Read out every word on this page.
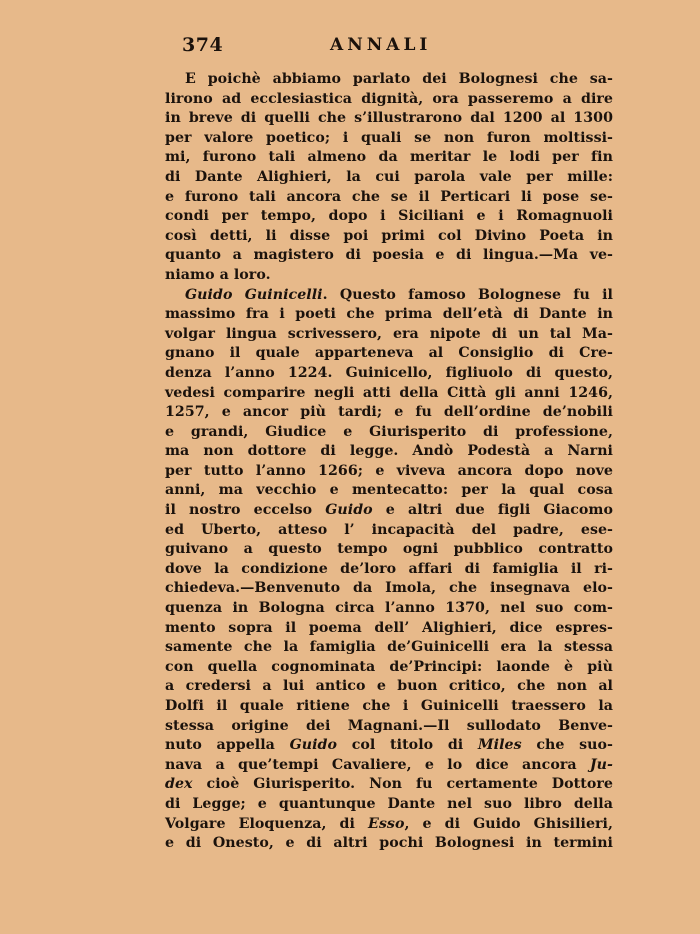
374	ANNALI
E poichè abbiamo parlato dei Bolognesi che sa-
lirono ad ecclesiastica dignità, ora passeremo a dire
in breve di quelli che s’illustrarono dal 1200 al 1300
per valore poetico; i quali se non furon moltissi-
mi, furono tali almeno da meritar le lodi per fin
di Dante Alighieri, la cui parola vale per mille:
e furono tali ancora che se il Perticari li pose se-
condi per tempo, dopo i Siciliani e i Romagnuoli
così detti, li disse poi primi col Divino Poeta in
quanto a magistero di poesia e di lingua.—Ma ve-
niamo a loro.
Guido Guinicelli. Questo famoso Bolognese fu il
massimo fra i poeti che prima dell’età di Dante in
volgar lingua scrivessero, era nipote di un tal Ma-
gnano il quale apparteneva al Consiglio di Cre-
denza l’anno 1224. Guinicello, figliuolo di questo,
vedesi comparire negli atti della Città gli anni 1246,
1257, e ancor più tardi; e fu dell’ordine de’nobili
e grandi, Giudice e Giurisperito di professione,
ma non dottore di legge. Andò Podestà a Narni
per tutto l’anno 1266; e viveva ancora dopo nove
anni, ma vecchio e mentecatto: per la qual cosa
il nostro eccelso Guido e altri due figli Giacomo
ed Uberto, atteso l’ incapacità del padre, ese-
guivano a questo tempo ogni pubblico contratto
dove la condizione de’loro affari di famiglia il ri-
chiedeva.—Benvenuto da Imola, che insegnava elo-
quenza in Bologna circa l’anno 1370, nel suo com-
mento sopra il poema dell’ Alighieri, dice espres-
samente che la famiglia de’Guinicelli era la stessa
con quella cognominata de’Principi: laonde è più
a credersi a lui antico e buon critico, che non al
Dolfi il quale ritiene che i Guinicelli traessero la
stessa origine dei Magnani.—Il sullodato Benve-
nuto appella Guido col titolo di Miles che suo-
nava a que’tempi Cavaliere, e lo dice ancora Ju-
dex cioè Giurisperito. Non fu certamente Dottore
di Legge; e quantunque Dante nel suo libro della
Volgare Eloquenza, di Esso, e di Guido Ghisilieri,
e di Onesto, e di altri pochi Bolognesi in termini
